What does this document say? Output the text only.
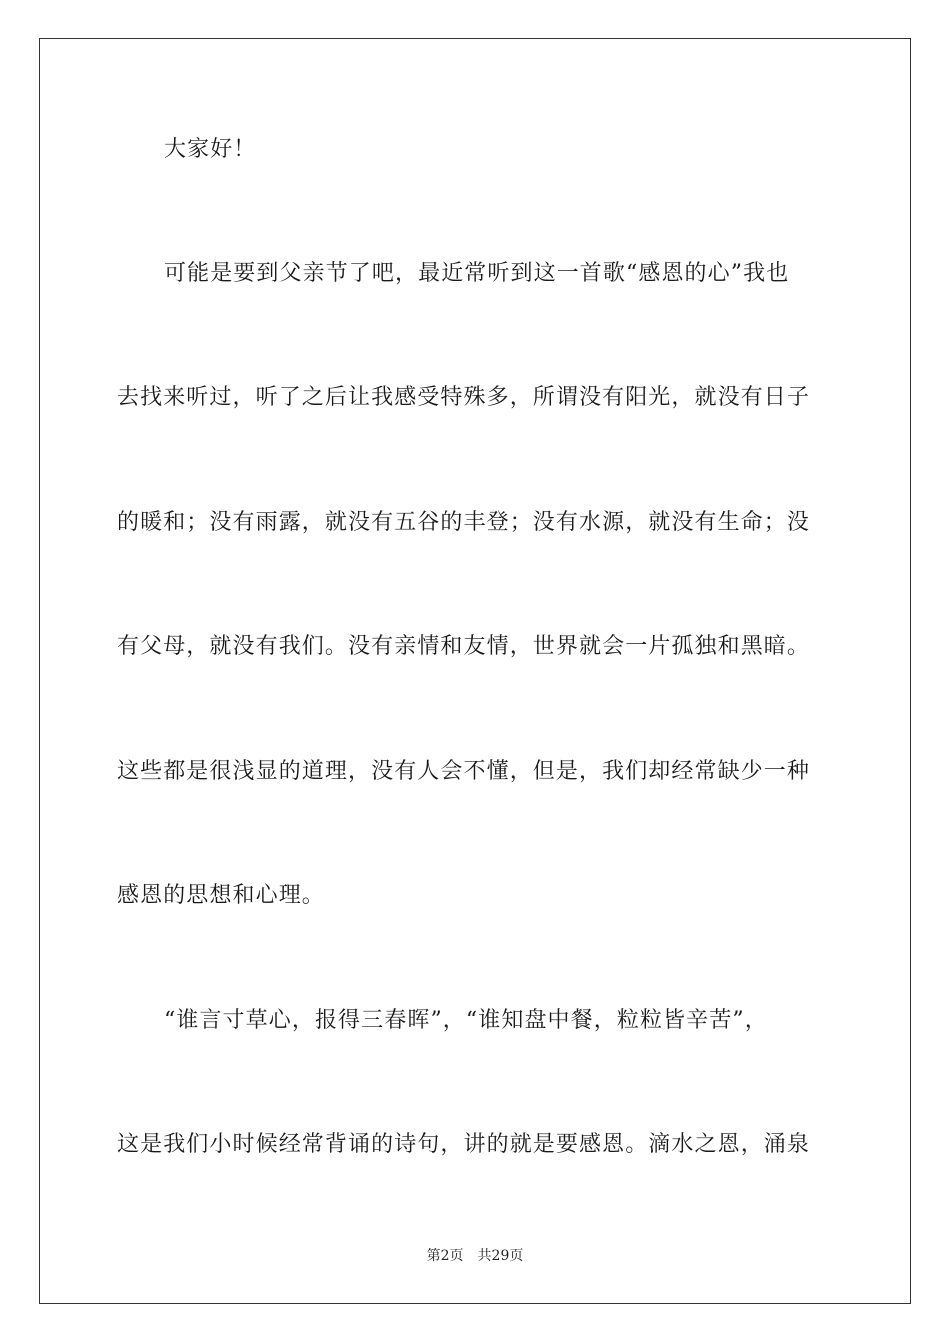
大家好！
可能是要到父亲节了吧，最近常听到这一首歌“感恩的心”我也
去找来听过，听了之后让我感受特殊多，所谓没有阳光，就没有日子
的暖和；没有雨露，就没有五谷的丰登；没有水源，就没有生命；没
有父母，就没有我们。没有亲情和友情，世界就会一片孤独和黑暗。
这些都是很浅显的道理，没有人会不懂，但是，我们却经常缺少一种
感恩的思想和心理。
“谁言寸草心，报得三春晖”，“谁知盘中餐，粒粒皆辛苦”，
这是我们小时候经常背诵的诗句，讲的就是要感恩。滴水之恩，涌泉
第2页 共29页
